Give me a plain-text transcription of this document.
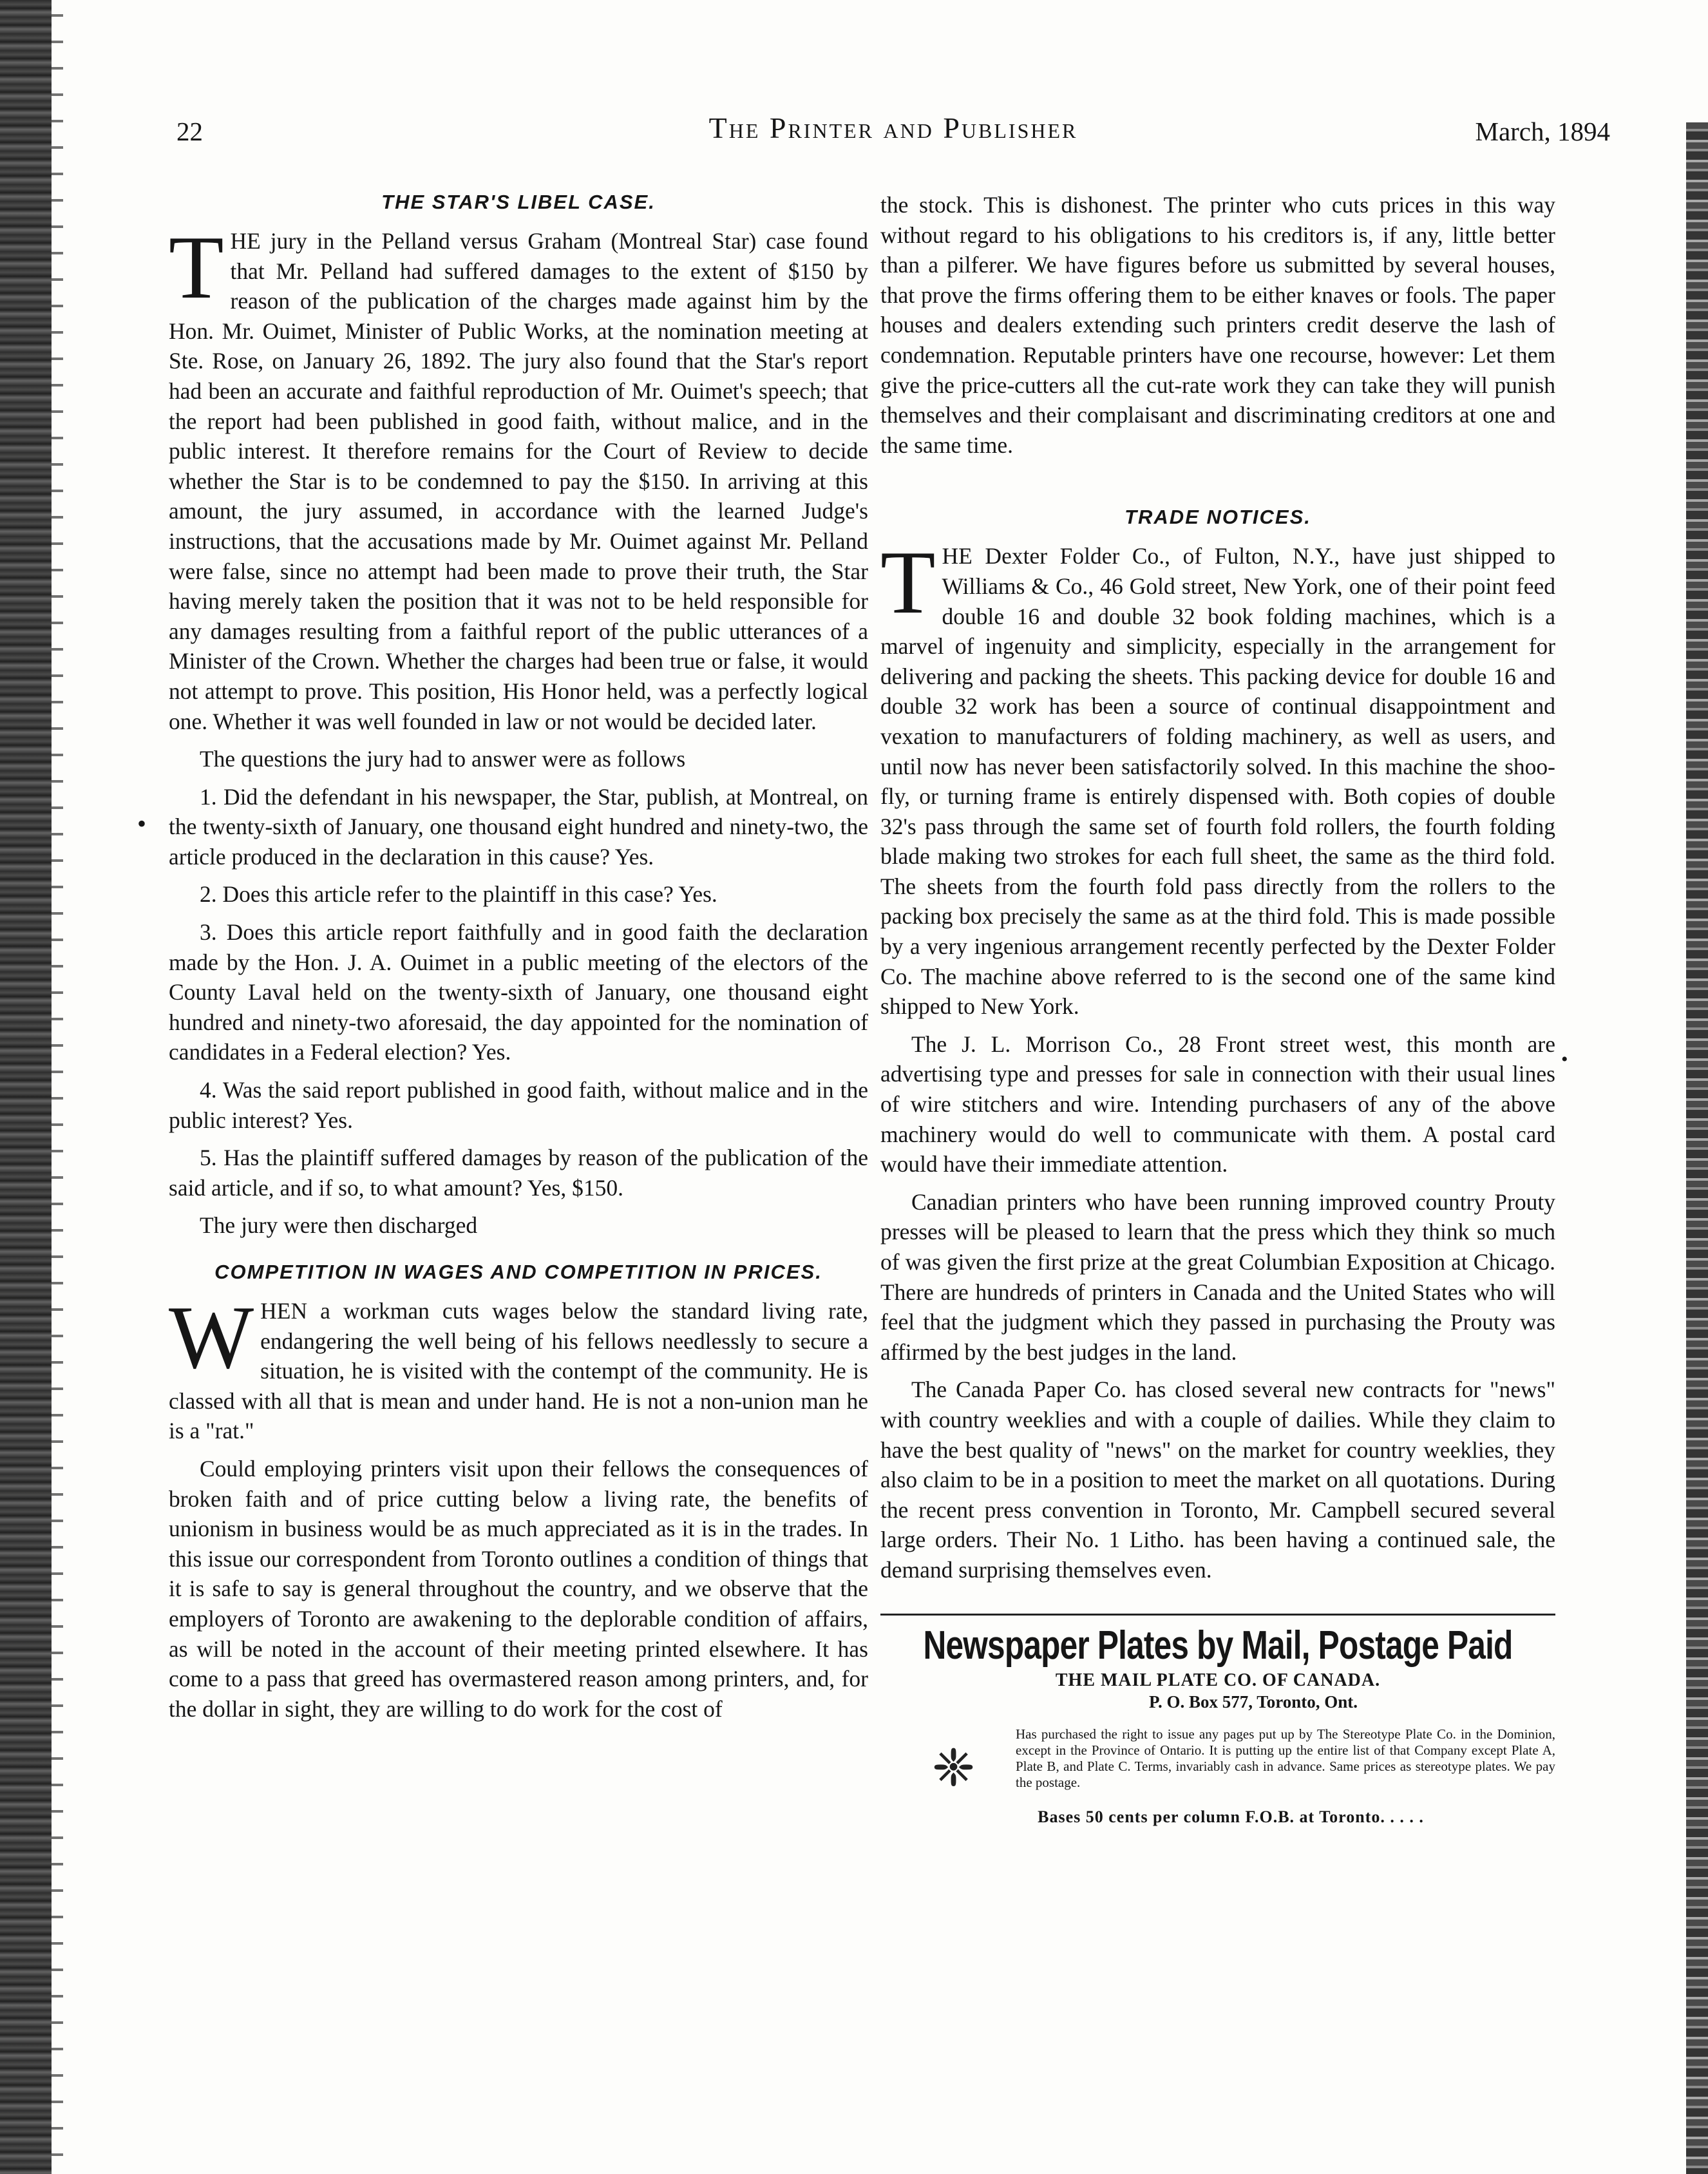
22	The Printer and Publisher	March, 1894
THE STAR'S LIBEL CASE.

THE jury in the Pelland versus Graham (Montreal Star) case found that Mr. Pelland had suffered damages to the extent of $150 by reason of the publication of the charges made against him by the Hon. Mr. Ouimet, Minister of Public Works, at the nomination meeting at Ste. Rose, on January 26, 1892. The jury also found that the Star's report had been an accurate and faithful reproduction of Mr. Ouimet's speech; that the report had been published in good faith, without malice, and in the public interest. It therefore remains for the Court of Review to decide whether the Star is to be condemned to pay the $150. In arriving at this amount, the jury assumed, in accordance with the learned Judge's instructions, that the accusations made by Mr. Ouimet against Mr. Pelland were false, since no attempt had been made to prove their truth, the Star having merely taken the position that it was not to be held responsible for any damages resulting from a faithful report of the public utterances of a Minister of the Crown. Whether the charges had been true or false, it would not attempt to prove. This position, His Honor held, was a perfectly logical one. Whether it was well founded in law or not would be decided later.

The questions the jury had to answer were as follows

1. Did the defendant in his newspaper, the Star, publish, at Montreal, on the twenty-sixth of January, one thousand eight hundred and ninety-two, the article produced in the declaration in this cause? Yes.

2. Does this article refer to the plaintiff in this case? Yes.

3. Does this article report faithfully and in good faith the declaration made by the Hon. J. A. Ouimet in a public meeting of the electors of the County Laval held on the twenty-sixth of January, one thousand eight hundred and ninety-two aforesaid, the day appointed for the nomination of candidates in a Federal election? Yes.

4. Was the said report published in good faith, without malice and in the public interest? Yes.

5. Has the plaintiff suffered damages by reason of the publication of the said article, and if so, to what amount? Yes, $150.

The jury were then discharged

COMPETITION IN WAGES AND COMPETITION IN PRICES.

WHEN a workman cuts wages below the standard living rate, endangering the well being of his fellows needlessly to secure a situation, he is visited with the contempt of the community. He is classed with all that is mean and under hand. He is not a non-union man he is a "rat."

Could employing printers visit upon their fellows the consequences of broken faith and of price cutting below a living rate, the benefits of unionism in business would be as much appreciated as it is in the trades. In this issue our correspondent from Toronto outlines a condition of things that it is safe to say is general throughout the country, and we observe that the employers of Toronto are awakening to the deplorable condition of affairs, as will be noted in the account of their meeting printed elsewhere. It has come to a pass that greed has overmastered reason among printers, and, for the dollar in sight, they are willing to do work for the cost of

the stock. This is dishonest. The printer who cuts prices in this way without regard to his obligations to his creditors is, if any, little better than a pilferer. We have figures before us submitted by several houses, that prove the firms offering them to be either knaves or fools. The paper houses and dealers extending such printers credit deserve the lash of condemnation. Reputable printers have one recourse, however: Let them give the price-cutters all the cut-rate work they can take they will punish themselves and their complaisant and discriminating creditors at one and the same time.

TRADE NOTICES.

THE Dexter Folder Co., of Fulton, N.Y., have just shipped to Williams & Co., 46 Gold street, New York, one of their point feed double 16 and double 32 book folding machines, which is a marvel of ingenuity and simplicity, especially in the arrangement for delivering and packing the sheets. This packing device for double 16 and double 32 work has been a source of continual disappointment and vexation to manufacturers of folding machinery, as well as users, and until now has never been satisfactorily solved. In this machine the shoo-fly, or turning frame is entirely dispensed with. Both copies of double 32's pass through the same set of fourth fold rollers, the fourth folding blade making two strokes for each full sheet, the same as the third fold. The sheets from the fourth fold pass directly from the rollers to the packing box precisely the same as at the third fold. This is made possible by a very ingenious arrangement recently perfected by the Dexter Folder Co. The machine above referred to is the second one of the same kind shipped to New York.

The J. L. Morrison Co., 28 Front street west, this month are advertising type and presses for sale in connection with their usual lines of wire stitchers and wire. Intending purchasers of any of the above machinery would do well to communicate with them. A postal card would have their immediate attention.

Canadian printers who have been running improved country Prouty presses will be pleased to learn that the press which they think so much of was given the first prize at the great Columbian Exposition at Chicago. There are hundreds of printers in Canada and the United States who will feel that the judgment which they passed in purchasing the Prouty was affirmed by the best judges in the land.

The Canada Paper Co. has closed several new contracts for "news" with country weeklies and with a couple of dailies. While they claim to have the best quality of "news" on the market for country weeklies, they also claim to be in a position to meet the market on all quotations. During the recent press convention in Toronto, Mr. Campbell secured several large orders. Their No. 1 Litho. has been having a continued sale, the demand surprising themselves even.

Newspaper Plates by Mail, Postage Paid
THE MAIL PLATE CO. OF CANADA.
P. O. Box 577, Toronto, Ont.
❈
Has purchased the right to issue any pages put up by The Stereotype Plate Co. in the Dominion, except in the Province of Ontario. It is putting up the entire list of that Company except Plate A, Plate B, and Plate C. Terms, invariably cash in advance. Same prices as stereotype plates. We pay the postage.
Bases 50 cents per column F.O.B. at Toronto. . . . .
•
•
